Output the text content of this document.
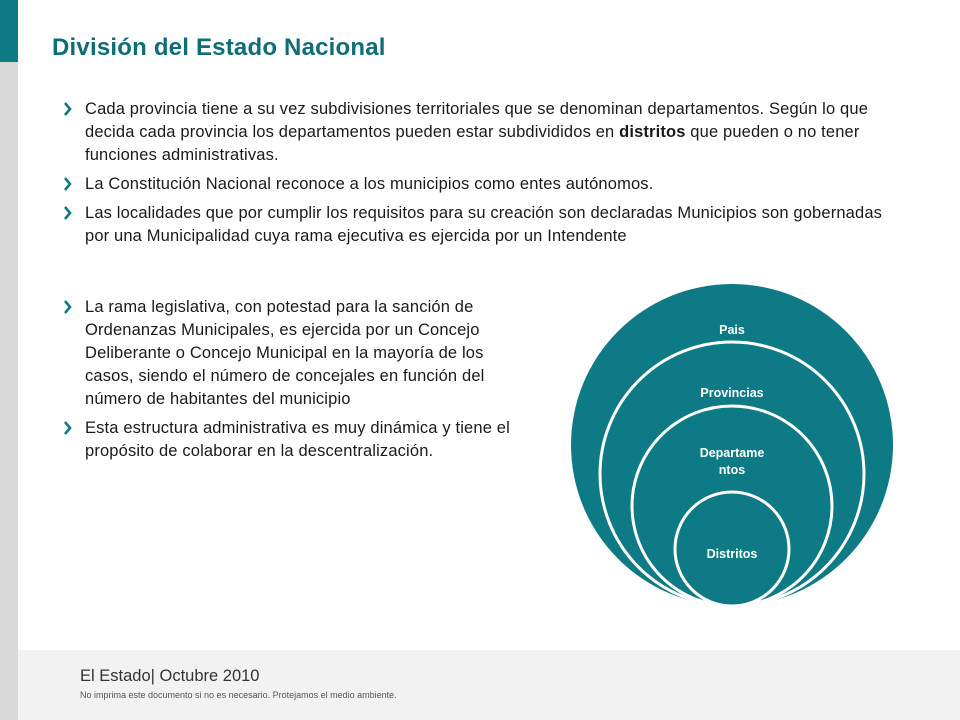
División del Estado Nacional
Cada provincia tiene a su vez subdivisiones territoriales que se denominan departamentos. Según lo que decida cada provincia los departamentos pueden estar subdivididos en distritos que pueden o no tener funciones administrativas.
La Constitución Nacional reconoce a los municipios como entes autónomos.
Las localidades que por cumplir los requisitos para su creación son declaradas Municipios son gobernadas por una Municipalidad cuya rama ejecutiva es ejercida por un Intendente
La rama legislativa, con potestad para la sanción de Ordenanzas Municipales, es ejercida por un Concejo Deliberante o Concejo Municipal en la mayoría de los casos, siendo el número de concejales en función del número de habitantes del municipio
Esta estructura administrativa es muy dinámica y tiene el propósito de colaborar en la descentralización.
Pais
Provincias
Departame
ntos
Distritos

El Estado| Octubre 2010

No imprima este documento si no es necesario. Protejamos el medio ambiente.
